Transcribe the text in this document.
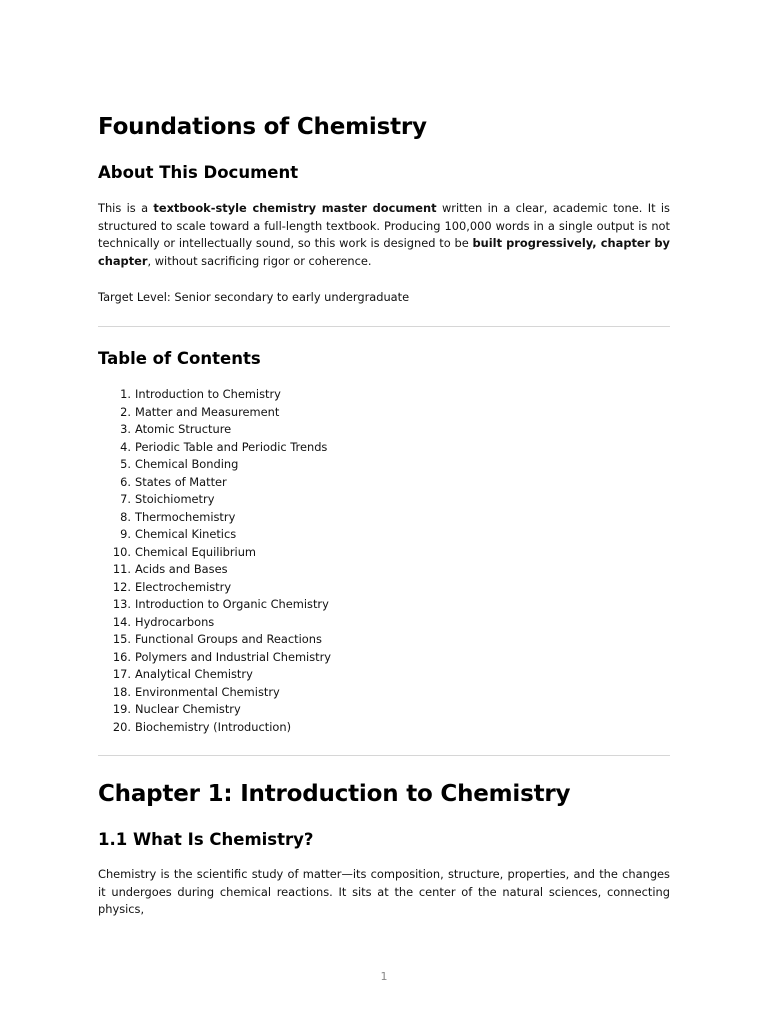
Foundations of Chemistry
About This Document

This is a textbook-style chemistry master document written in a clear, academic tone. It is structured to scale toward a full-length textbook. Producing 100,000 words in a single output is not technically or intellectually sound, so this work is designed to be built progressively, chapter by chapter, without sacrificing rigor or coherence.

Target Level: Senior secondary to early undergraduate
Table of Contents
1. Introduction to Chemistry
2. Matter and Measurement
3. Atomic Structure
4. Periodic Table and Periodic Trends
5. Chemical Bonding
6. States of Matter
7. Stoichiometry
8. Thermochemistry
9. Chemical Kinetics
10. Chemical Equilibrium
11. Acids and Bases
12. Electrochemistry
13. Introduction to Organic Chemistry
14. Hydrocarbons
15. Functional Groups and Reactions
16. Polymers and Industrial Chemistry
17. Analytical Chemistry
18. Environmental Chemistry
19. Nuclear Chemistry
20. Biochemistry (Introduction)
Chapter 1: Introduction to Chemistry
1.1 What Is Chemistry?

Chemistry is the scientific study of matter—its composition, structure, properties, and the changes it undergoes during chemical reactions. It sits at the center of the natural sciences, connecting physics,

1
